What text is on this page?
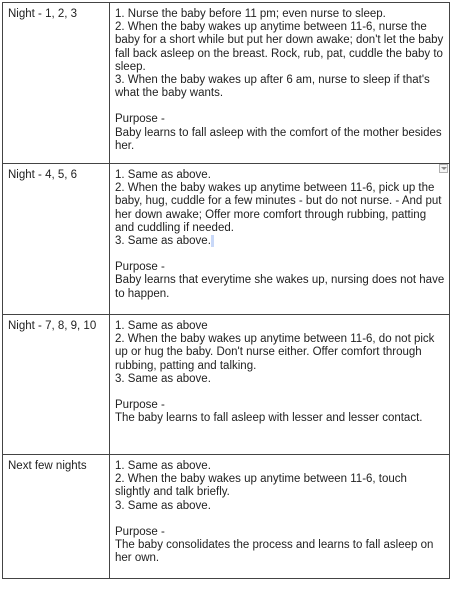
Night - 1, 2, 3	1. Nurse the baby before 11 pm; even nurse to sleep.
2. When the baby wakes up anytime between 11-6, nurse the baby for a short while but put her down awake; don't let the baby fall back asleep on the breast. Rock, rub, pat, cuddle the baby to sleep.
3. When the baby wakes up after 6 am, nurse to sleep if that's what the baby wants.
Purpose -
Baby learns to fall asleep with the comfort of the mother besides her.

Night - 4, 5, 6	1. Same as above.
2. When the baby wakes up anytime between 11-6, pick up the baby, hug, cuddle for a few minutes - but do not nurse. - And put her down awake; Offer more comfort through rubbing, patting and cuddling if needed.
3. Same as above.
Purpose -
Baby learns that everytime she wakes up, nursing does not have to happen.

Night - 7, 8, 9, 10	1. Same as above
2. When the baby wakes up anytime between 11-6, do not pick up or hug the baby. Don't nurse either. Offer comfort through rubbing, patting and talking.
3. Same as above.
Purpose -
The baby learns to fall asleep with lesser and lesser contact.

Next few nights	1. Same as above.
2. When the baby wakes up anytime between 11-6, touch slightly and talk briefly.
3. Same as above.
Purpose -
The baby consolidates the process and learns to fall asleep on her own.
